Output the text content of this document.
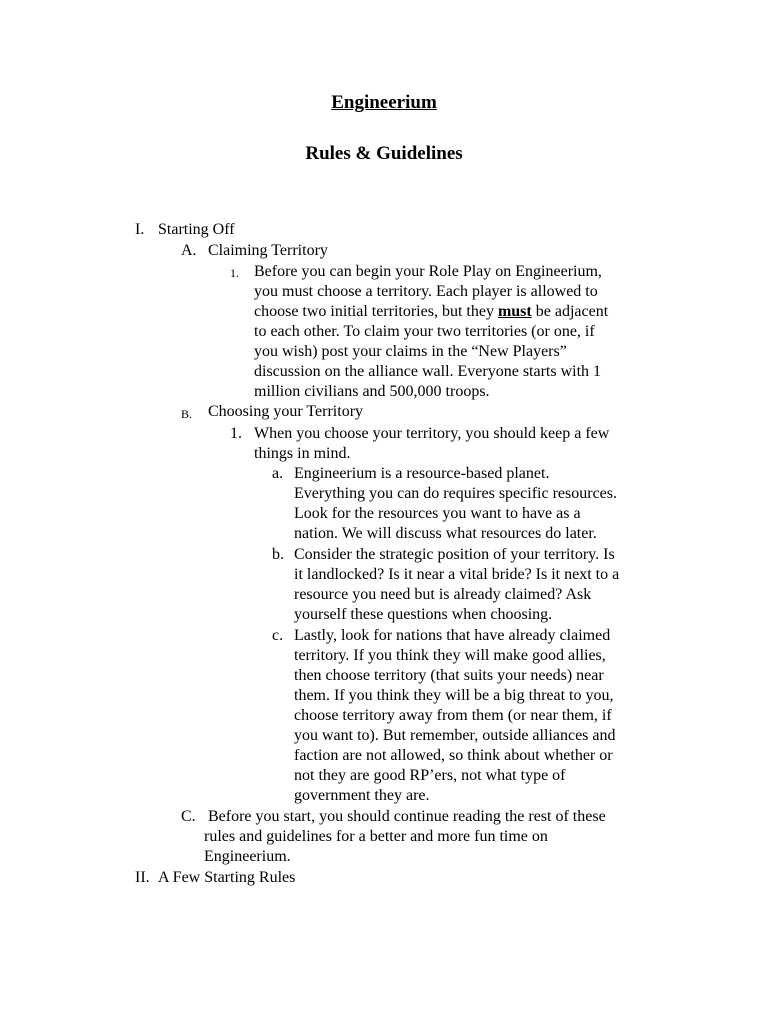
Engineerium
Rules & Guidelines
I. Starting Off
A. Claiming Territory
1. Before you can begin your Role Play on Engineerium,
you must choose a territory. Each player is allowed to
choose two initial territories, but they must be adjacent
to each other. To claim your two territories (or one, if
you wish) post your claims in the “New Players”
discussion on the alliance wall. Everyone starts with 1
million civilians and 500,000 troops.
B. Choosing your Territory
1. When you choose your territory, you should keep a few
things in mind.
a. Engineerium is a resource-based planet.
Everything you can do requires specific resources.
Look for the resources you want to have as a
nation. We will discuss what resources do later.
b. Consider the strategic position of your territory. Is
it landlocked? Is it near a vital bride? Is it next to a
resource you need but is already claimed? Ask
yourself these questions when choosing.
c. Lastly, look for nations that have already claimed
territory. If you think they will make good allies,
then choose territory (that suits your needs) near
them. If you think they will be a big threat to you,
choose territory away from them (or near them, if
you want to). But remember, outside alliances and
faction are not allowed, so think about whether or
not they are good RP’ers, not what type of
government they are.
C. Before you start, you should continue reading the rest of these
rules and guidelines for a better and more fun time on
Engineerium.
II. A Few Starting Rules
